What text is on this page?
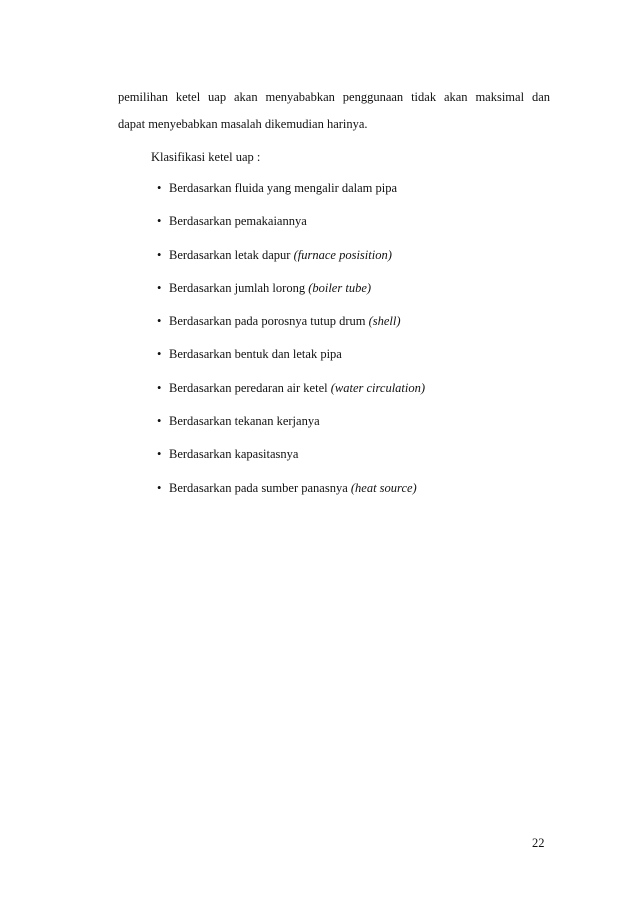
pemilihan ketel uap akan menyababkan penggunaan tidak akan maksimal dan
dapat menyebabkan masalah dikemudian harinya.
Klasifikasi ketel uap :
• Berdasarkan fluida yang mengalir dalam pipa
• Berdasarkan pemakaiannya
• Berdasarkan letak dapur (furnace posisition)
• Berdasarkan jumlah lorong (boiler tube)
• Berdasarkan pada porosnya tutup drum (shell)
• Berdasarkan bentuk dan letak pipa
• Berdasarkan peredaran air ketel (water circulation)
• Berdasarkan tekanan kerjanya
• Berdasarkan kapasitasnya
• Berdasarkan pada sumber panasnya (heat source)
22
